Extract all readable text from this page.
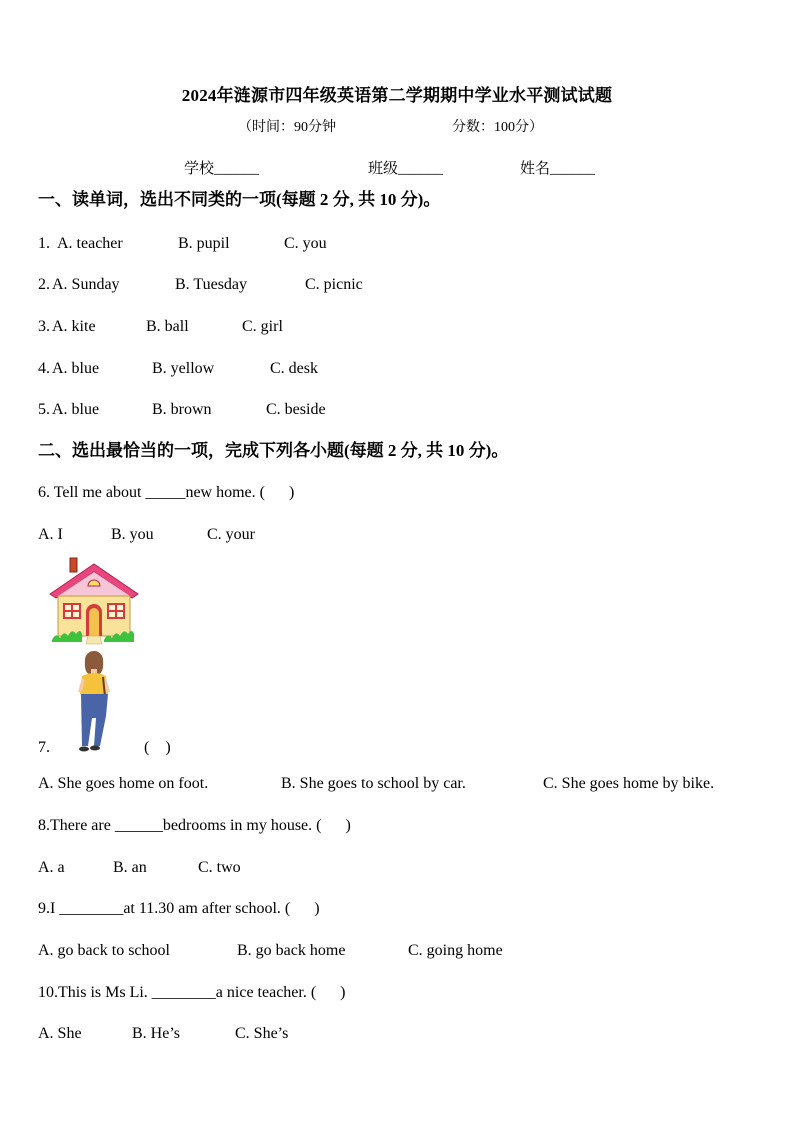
2024年涟源市四年级英语第二学期期中学业水平测试试题
（时间：90分钟	分数：100分）
学校______	班级______	姓名______
一、读单词，选出不同类的一项(每题 2 分, 共 10 分)。
1. A. teacher	B. pupil	C. you
2. A. Sunday	B. Tuesday	C. picnic
3. A. kite	B. ball	C. girl
4. A. blue	B. yellow	C. desk
5. A. blue	B. brown	C. beside
二、选出最恰当的一项，完成下列各小题(每题 2 分, 共 10 分)。
6. Tell me about _____new home. (      )
A. I	B. you	C. your
7.	(    )
A. She goes home on foot.	B. She goes to school by car.	C. She goes home by bike.
8.There are ______bedrooms in my house. (      )
A. a	B. an	C. two
9.I ________at 11.30 am after school. (      )
A. go back to school	B. go back home	C. going home
10.This is Ms Li. ________a nice teacher. (      )
A. She	B. He’s	C. She’s
